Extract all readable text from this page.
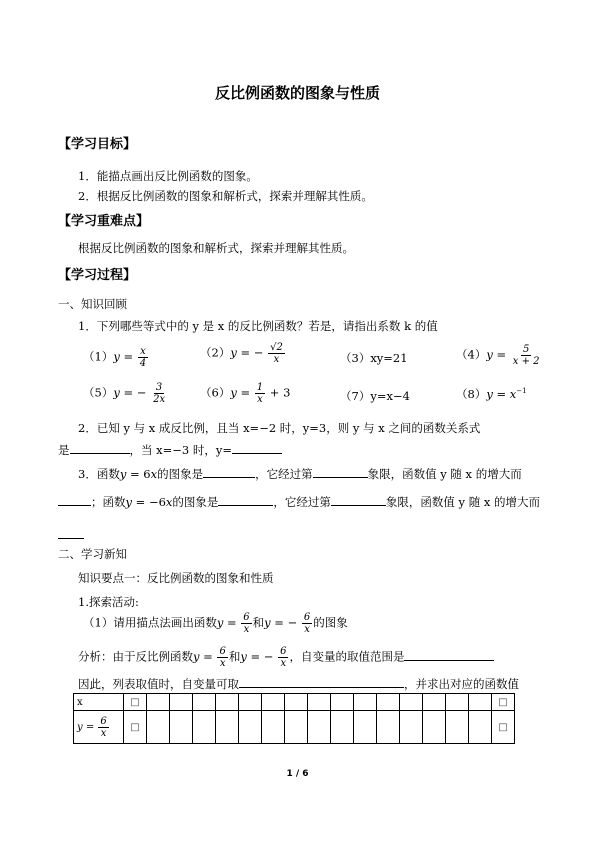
反比例函数的图象与性质
【学习目标】
1．能描点画出反比例函数的图象。
2．根据反比例函数的图象和解析式，探索并理解其性质。
【学习重难点】
根据反比例函数的图象和解析式，探索并理解其性质。
【学习过程】
一、知识回顾
1．下列哪些等式中的 y 是 x 的反比例函数？若是，请指出系数 k 的值
$(1)y = \frac{x}{4}$	（2）y = − $\frac{√2}{x}$	（3）xy=21	$(4)y = \frac{5}{x + 2}$
（5）y = − $\frac{3}{2x}$	$(6)y = \frac{1}{x} + 3$	（7）y=x−4	$(8)y = x^{-1}$
2．已知 y 与 x 成反比例，且当 x=−2 时，y=3，则 y 与 x 之间的函数关系式
是	，当 x=−3 时，y=
3．函数y = 6x的图象是	，它经过第	象限，函数值 y 随 x 的增大而
；函数y = −6x的图象是	，它经过第	象限，函数值 y 随 x 的增大而
二、学习新知
知识要点一：反比例函数的图象和性质
1.探索活动:
（1）请用描点法画出函数$y = \frac{6}{x}$ 和y = − $\frac{6}{x}$ 的图象
分析：由于反比例函数$y = \frac{6}{x}$ 和y = − $\frac{6}{x}$ ，自变量的取值范围是
因此，列表取值时，自变量可取	，并求出对应的函数值
x	□																□
$y = \frac{6}{x}$	□																□
1 / 6
